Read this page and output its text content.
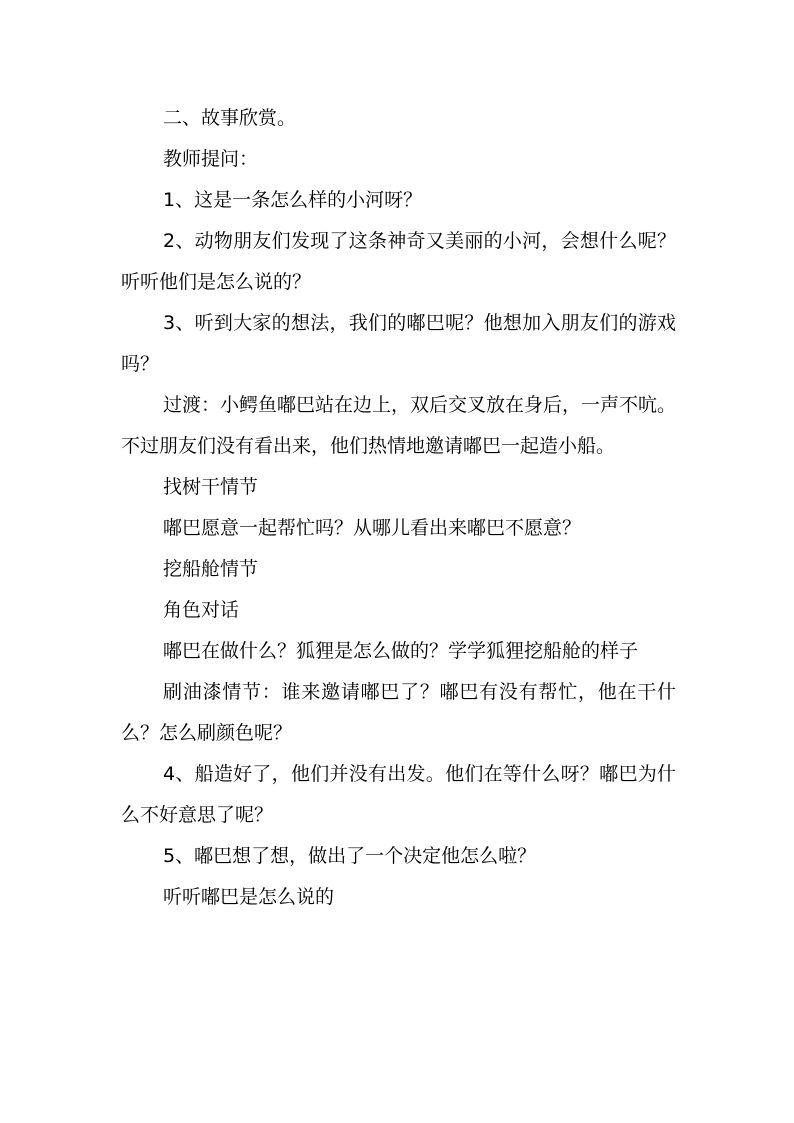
二、故事欣赏。

教师提问：

1、这是一条怎么样的小河呀？

2、动物朋友们发现了这条神奇又美丽的小河，会想什么呢？听听他们是怎么说的？

3、听到大家的想法，我们的嘟巴呢？他想加入朋友们的游戏吗？

过渡：小鳄鱼嘟巴站在边上，双后交叉放在身后，一声不吭。不过朋友们没有看出来，他们热情地邀请嘟巴一起造小船。

找树干情节

嘟巴愿意一起帮忙吗？从哪儿看出来嘟巴不愿意？

挖船舱情节

角色对话

嘟巴在做什么？狐狸是怎么做的？学学狐狸挖船舱的样子

刷油漆情节：谁来邀请嘟巴了？嘟巴有没有帮忙，他在干什么？怎么刷颜色呢？

4、船造好了，他们并没有出发。他们在等什么呀？嘟巴为什么不好意思了呢？

5、嘟巴想了想，做出了一个决定他怎么啦？

听听嘟巴是怎么说的
